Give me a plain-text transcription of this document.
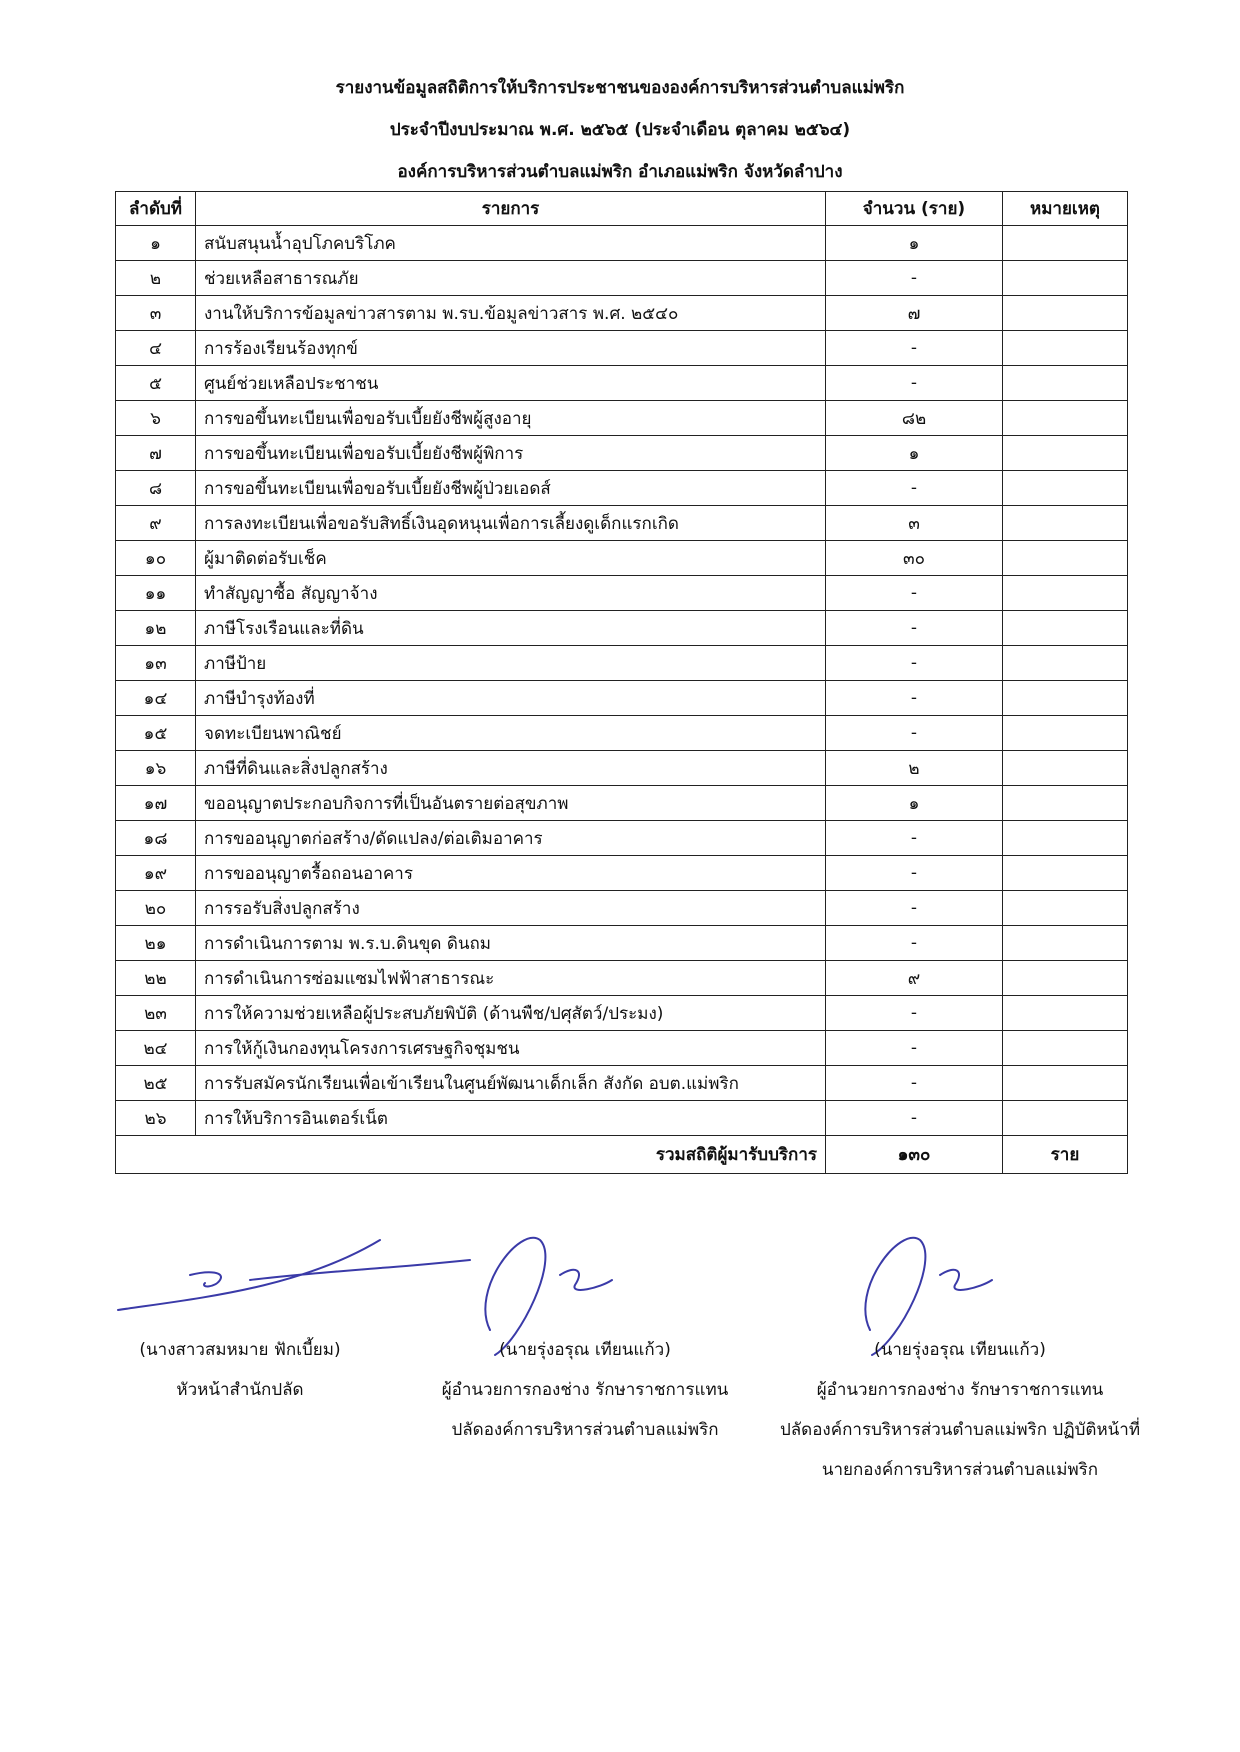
รายงานข้อมูลสถิติการให้บริการประชาชนขององค์การบริหารส่วนตำบลแม่พริก
ประจำปีงบประมาณ พ.ศ. ๒๕๖๕ (ประจำเดือน ตุลาคม ๒๕๖๔)
องค์การบริหารส่วนตำบลแม่พริก อำเภอแม่พริก จังหวัดลำปาง
ลำดับที่	รายการ	จำนวน (ราย)	หมายเหตุ
๑	สนับสนุนน้ำอุปโภคบริโภค	๑	
๒	ช่วยเหลือสาธารณภัย	-	
๓	งานให้บริการข้อมูลข่าวสารตาม พ.รบ.ข้อมูลข่าวสาร พ.ศ. ๒๕๔๐	๗	
๔	การร้องเรียนร้องทุกข์	-	
๕	ศูนย์ช่วยเหลือประชาชน	-	
๖	การขอขึ้นทะเบียนเพื่อขอรับเบี้ยยังชีพผู้สูงอายุ	๘๒	
๗	การขอขึ้นทะเบียนเพื่อขอรับเบี้ยยังชีพผู้พิการ	๑	
๘	การขอขึ้นทะเบียนเพื่อขอรับเบี้ยยังชีพผู้ป่วยเอดส์	-	
๙	การลงทะเบียนเพื่อขอรับสิทธิ์เงินอุดหนุนเพื่อการเลี้ยงดูเด็กแรกเกิด	๓	
๑๐	ผู้มาติดต่อรับเช็ค	๓๐	
๑๑	ทำสัญญาซื้อ สัญญาจ้าง	-	
๑๒	ภาษีโรงเรือนและที่ดิน	-	
๑๓	ภาษีป้าย	-	
๑๔	ภาษีบำรุงท้องที่	-	
๑๕	จดทะเบียนพาณิชย์	-	
๑๖	ภาษีที่ดินและสิ่งปลูกสร้าง	๒	
๑๗	ขออนุญาตประกอบกิจการที่เป็นอันตรายต่อสุขภาพ	๑	
๑๘	การขออนุญาตก่อสร้าง/ดัดแปลง/ต่อเติมอาคาร	-	
๑๙	การขออนุญาตรื้อถอนอาคาร	-	
๒๐	การรอรับสิ่งปลูกสร้าง	-	
๒๑	การดำเนินการตาม พ.ร.บ.ดินขุด ดินถม	-	
๒๒	การดำเนินการซ่อมแซมไฟฟ้าสาธารณะ	๙	
๒๓	การให้ความช่วยเหลือผู้ประสบภัยพิบัติ (ด้านพืช/ปศุสัตว์/ประมง)	-	
๒๔	การให้กู้เงินกองทุนโครงการเศรษฐกิจชุมชน	-	
๒๕	การรับสมัครนักเรียนเพื่อเข้าเรียนในศูนย์พัฒนาเด็กเล็ก สังกัด อบต.แม่พริก	-	
๒๖	การให้บริการอินเตอร์เน็ต	-	
รวมสถิติผู้มารับบริการ		๑๓๐	ราย
(นางสาวสมหมาย ฟักเบี้ยม)
หัวหน้าสำนักปลัด
(นายรุ่งอรุณ เทียนแก้ว)
ผู้อำนวยการกองช่าง รักษาราชการแทน
ปลัดองค์การบริหารส่วนตำบลแม่พริก
(นายรุ่งอรุณ เทียนแก้ว)
ผู้อำนวยการกองช่าง รักษาราชการแทน
ปลัดองค์การบริหารส่วนตำบลแม่พริก ปฏิบัติหน้าที่
นายกองค์การบริหารส่วนตำบลแม่พริก
